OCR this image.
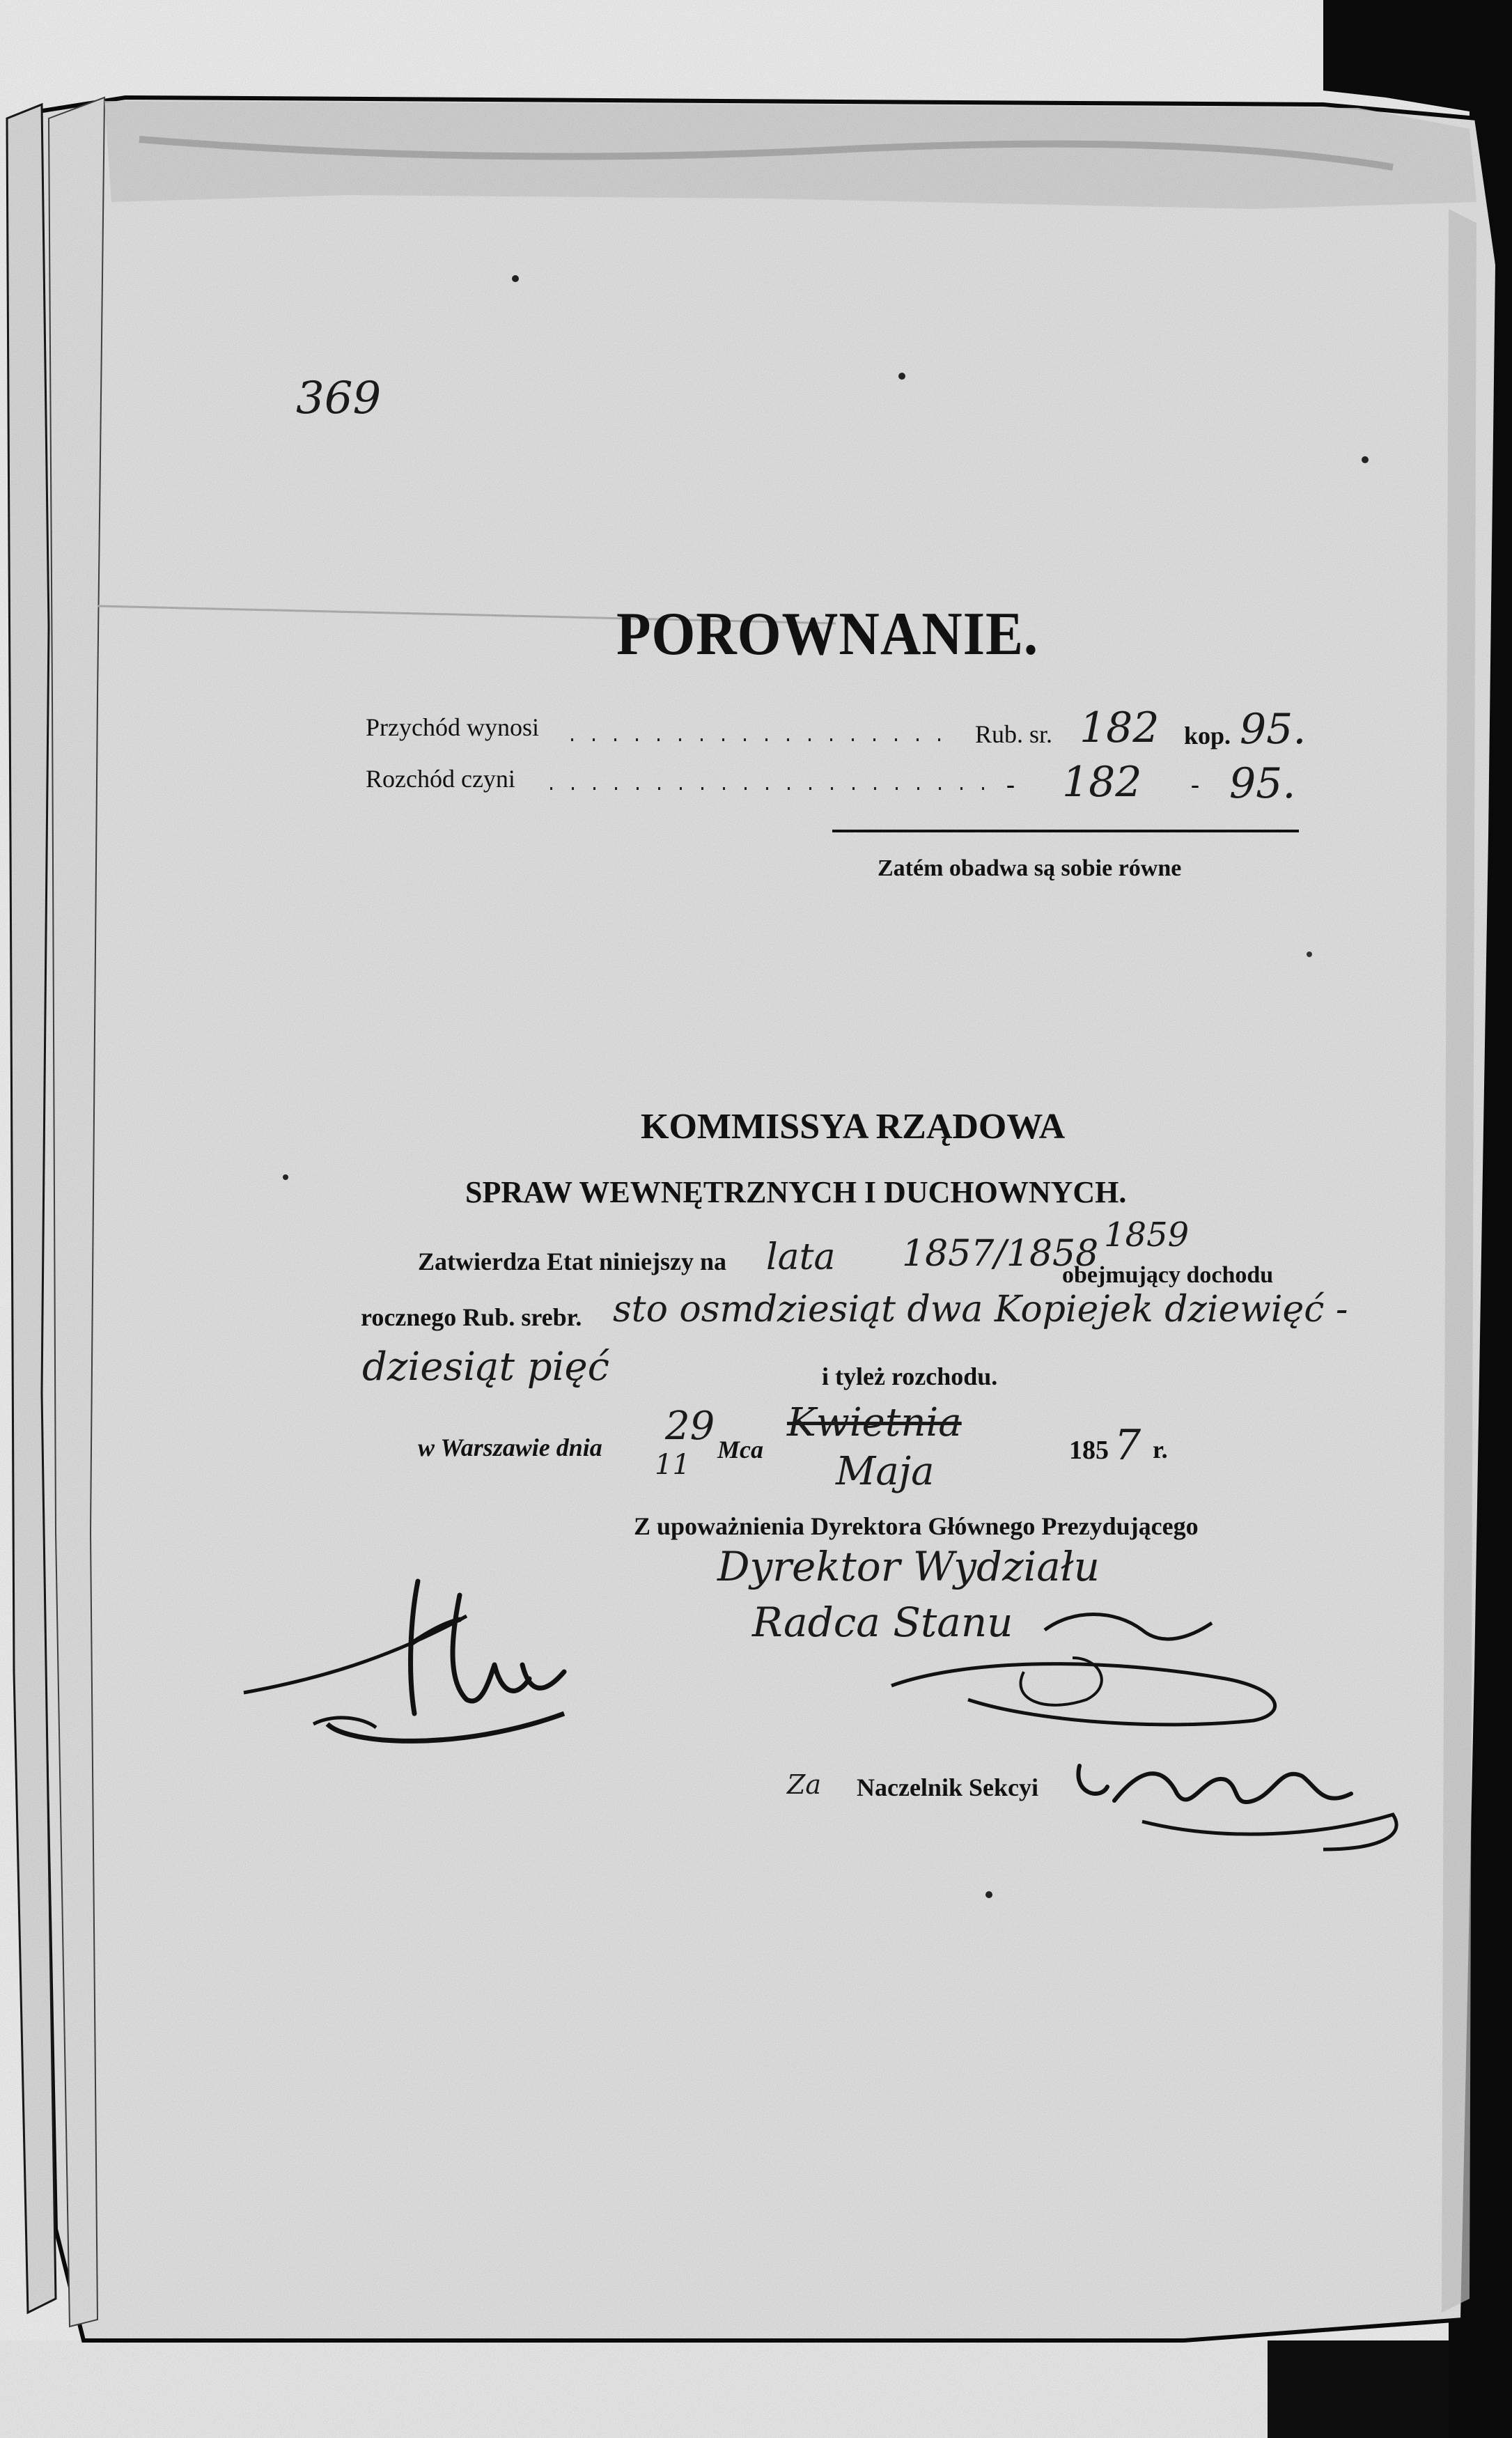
369
POROWNANIE.
Przychód wynosi	Rub. sr. 182 kop. 95.
Rozchód czyni	- 182 - 95.
Zatém obadwa są sobie równe
KOMMISSYA RZĄDOWA
SPRAW WEWNĘTRZNYCH I DUCHOWNYCH.
Zatwierdza Etat niniejszy na lata 1857/1858 1859
obejmujący dochodu
rocznego Rub. srebr. sto osmdziesiąt dwa Kopiejek dziewięć -
dziesiąt pięć	i tyleż rozchodu.
w Warszawie dnia 29
11 Mca
Kwietnia
Maja	185 7 r.
Z upoważnienia Dyrektora Głównego Prezydującego
Dyrektor Wydziału
Radca Stanu
Za Naczelnik Sekcyi
